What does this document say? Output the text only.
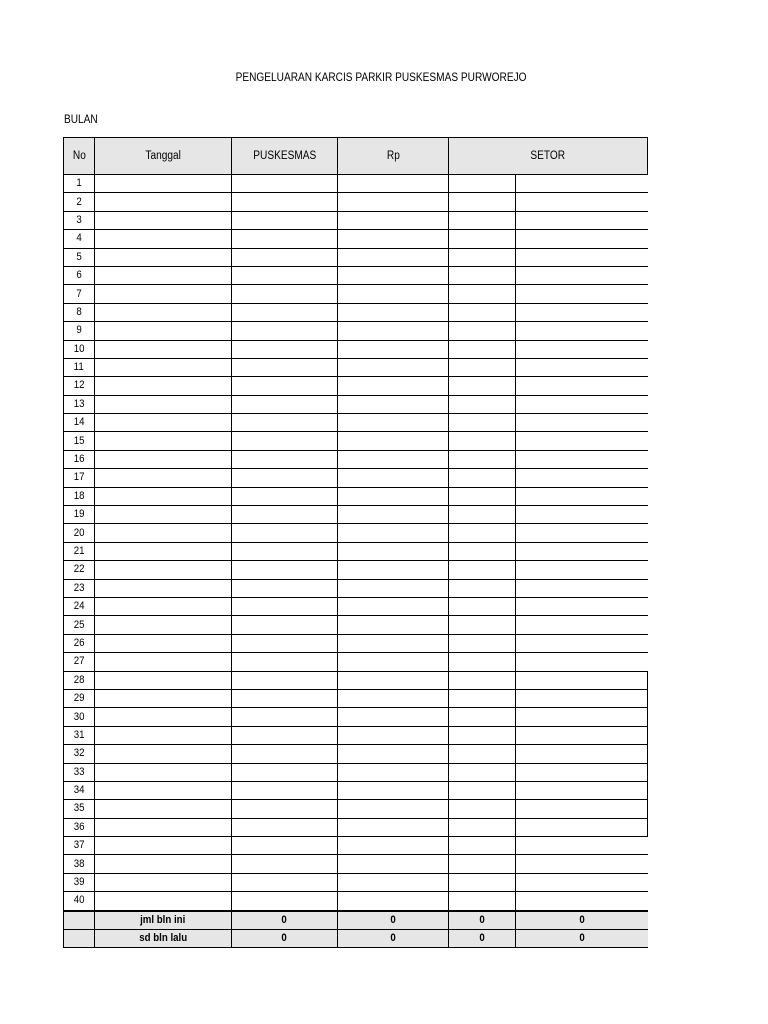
PENGELUARAN KARCIS PARKIR PUSKESMAS PURWOREJO
BULAN
No	Tanggal	PUSKESMAS	Rp	SETOR	
1					
2					
3					
4					
5					
6					
7					
8					
9					
10					
11					
12					
13					
14					
15					
16					
17					
18					
19					
20					
21					
22					
23					
24					
25					
26					
27					
28					
29					
30					
31					
32					
33					
34					
35					
36					
37					
38					
39					
40					
	jml bln ini	0	0	0	0
	sd bln lalu	0	0	0	0
